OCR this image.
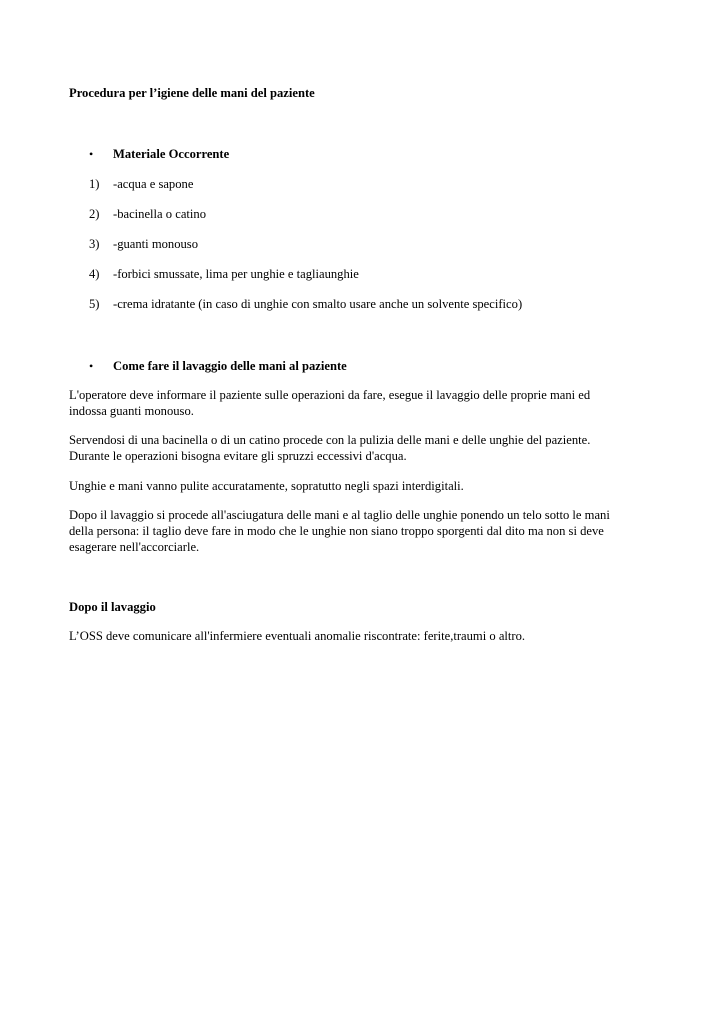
Procedura per l’igiene delle mani del paziente
• Materiale Occorrente
1) -acqua e sapone
2) -bacinella o catino
3) -guanti monouso
4) -forbici smussate, lima per unghie e tagliaunghie
5) -crema idratante (in caso di unghie con smalto usare anche un solvente specifico)
• Come fare il lavaggio delle mani al paziente
L'operatore deve informare il paziente sulle operazioni da fare, esegue il lavaggio delle proprie mani ed
indossa guanti monouso.
Servendosi di una bacinella o di un catino procede con la pulizia delle mani e delle unghie del paziente.
Durante le operazioni bisogna evitare gli spruzzi eccessivi d'acqua.
Unghie e mani vanno pulite accuratamente, sopratutto negli spazi interdigitali.
Dopo il lavaggio si procede all'asciugatura delle mani e al taglio delle unghie ponendo un telo sotto le mani
della persona: il taglio deve fare in modo che le unghie non siano troppo sporgenti dal dito ma non si deve
esagerare nell'accorciarle.
Dopo il lavaggio
L’OSS deve comunicare all'infermiere eventuali anomalie riscontrate: ferite,traumi o altro.
